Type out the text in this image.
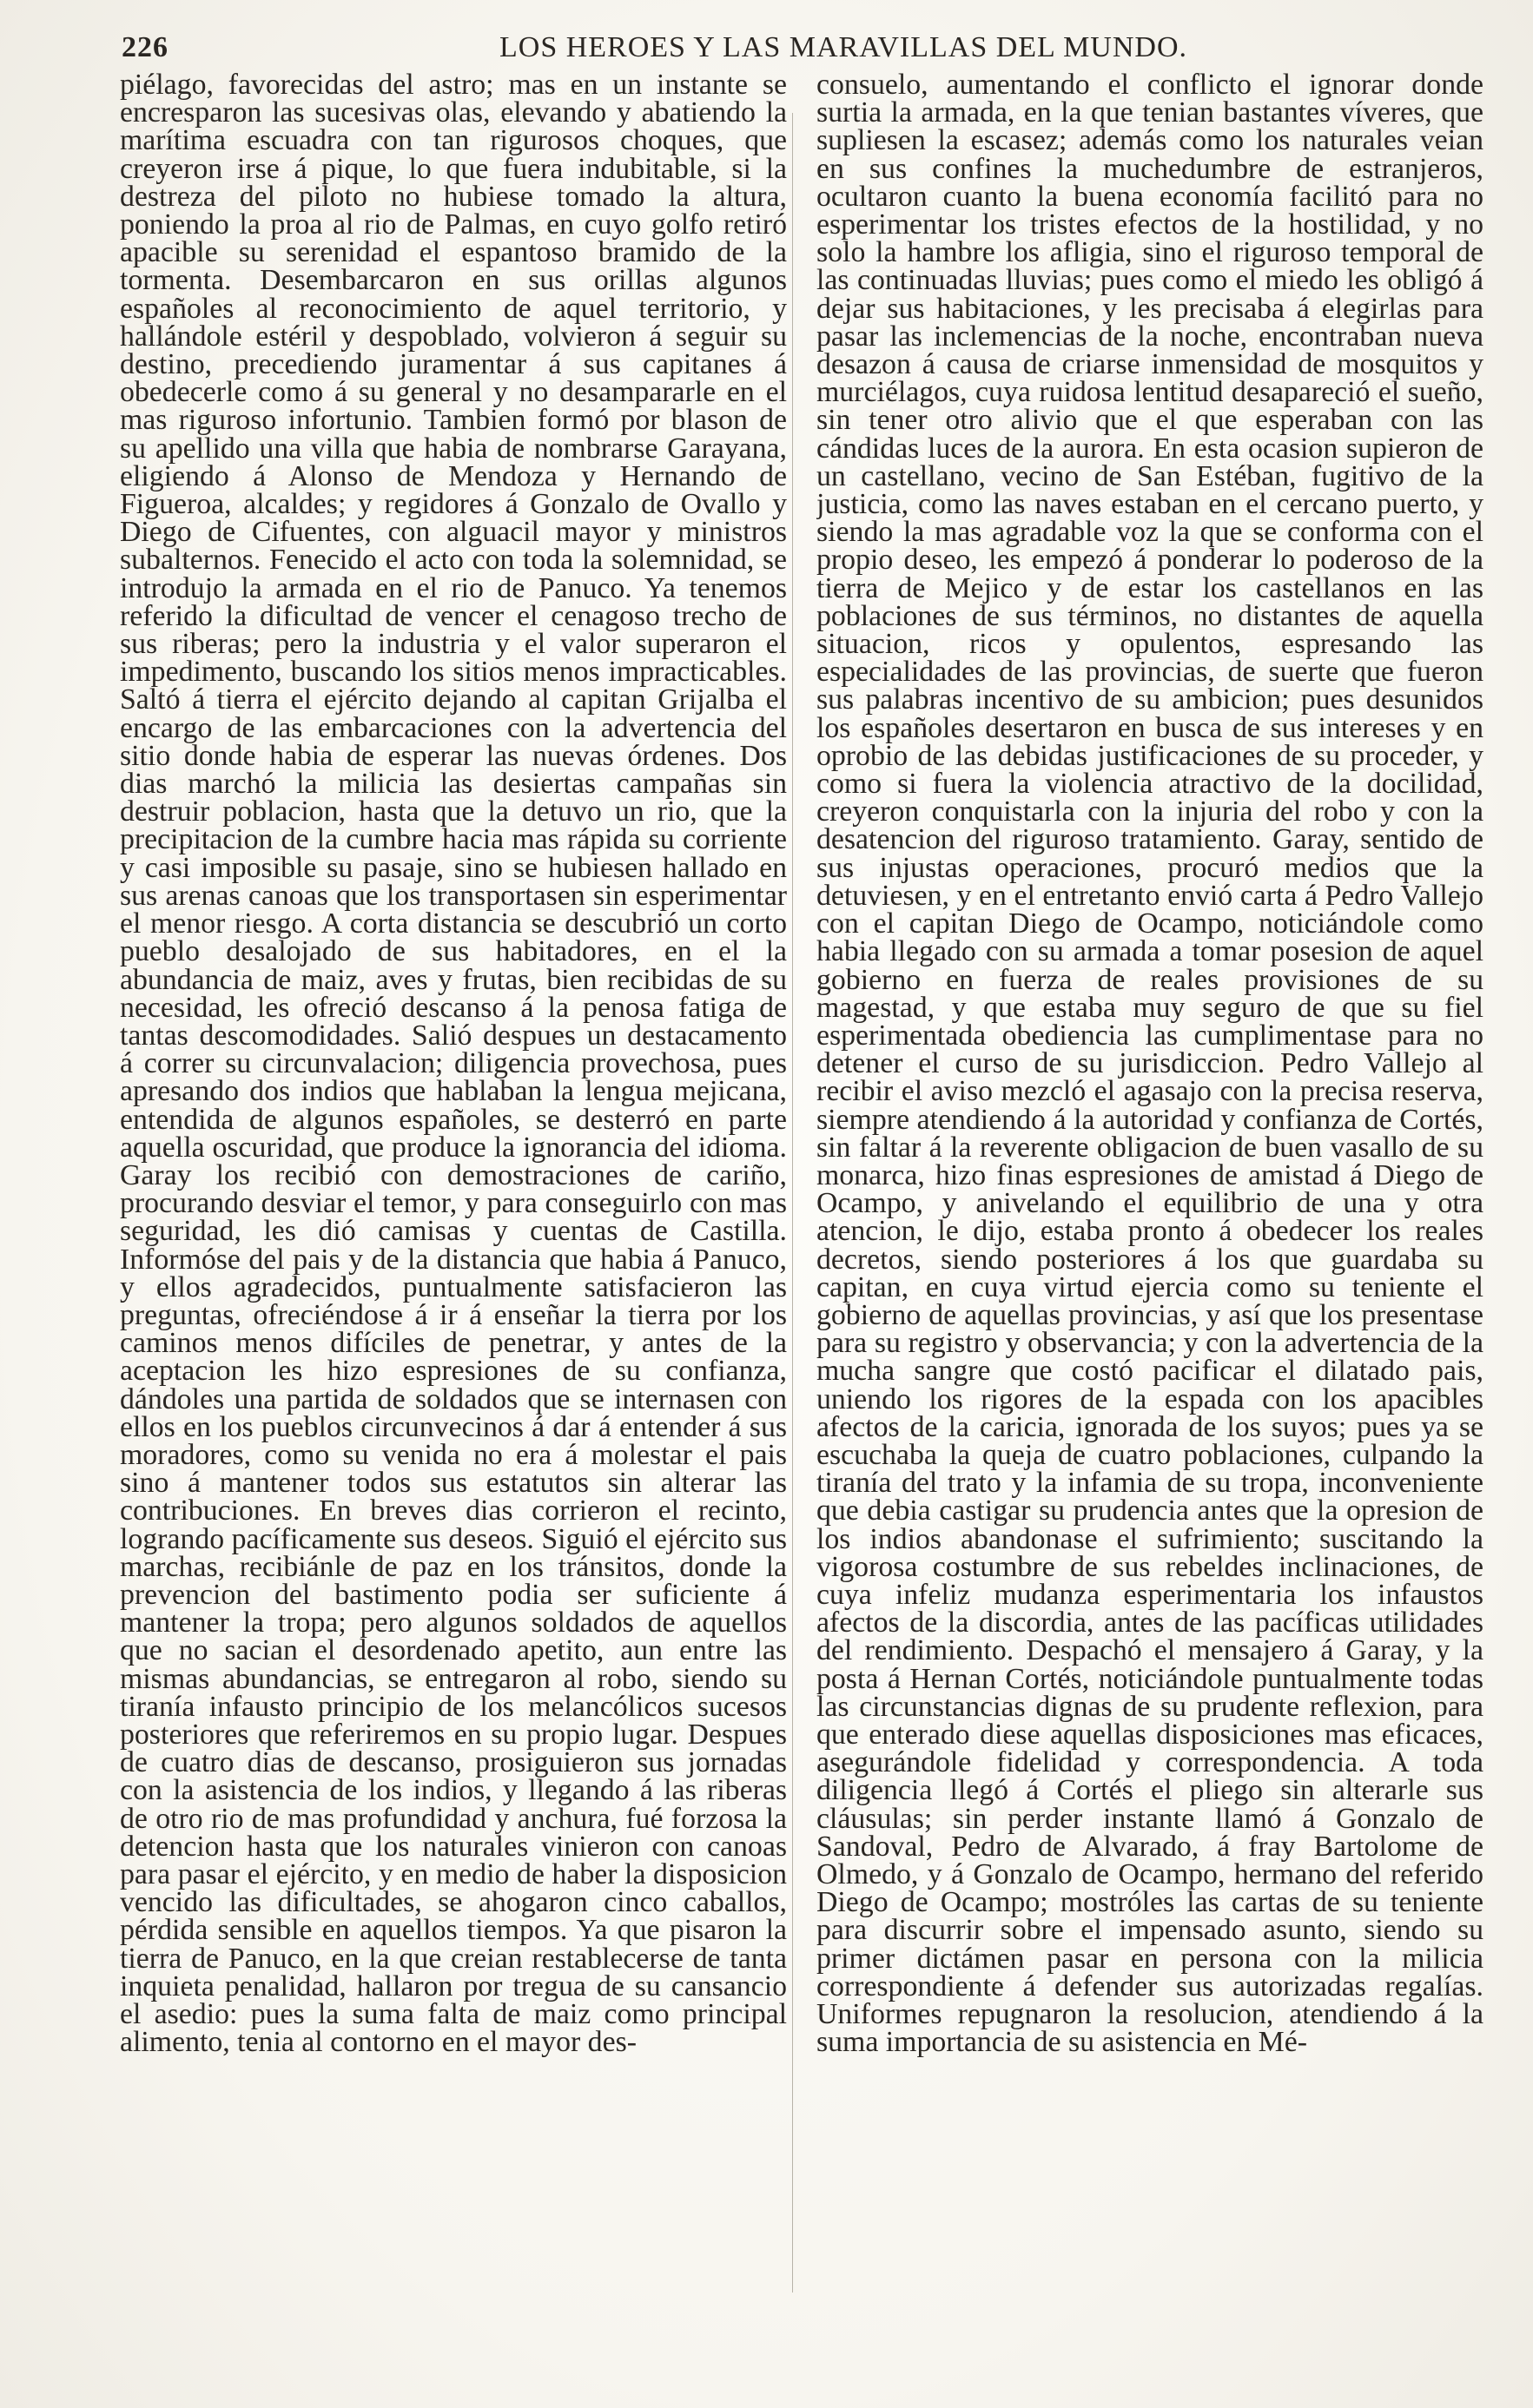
226	LOS HEROES Y LAS MARAVILLAS DEL MUNDO.

piélago, favorecidas del astro; mas en un instante se encresparon las sucesivas olas, elevando y abatiendo la marítima escuadra con tan rigurosos choques, que creyeron irse á pique, lo que fuera indubitable, si la destreza del piloto no hubiese tomado la altura, poniendo la proa al rio de Palmas, en cuyo golfo retiró apacible su serenidad el espantoso bramido de la tormenta. Desembarcaron en sus orillas algunos españoles al reconocimiento de aquel territorio, y hallándole estéril y despoblado, volvieron á seguir su destino, precediendo juramentar á sus capitanes á obedecerle como á su general y no desampararle en el mas riguroso infortunio. Tambien formó por blason de su apellido una villa que habia de nombrarse Garayana, eligiendo á Alonso de Mendoza y Hernando de Figueroa, alcaldes; y regidores á Gonzalo de Ovallo y Diego de Cifuentes, con alguacil mayor y ministros subalternos. Fenecido el acto con toda la solemnidad, se introdujo la armada en el rio de Panuco. Ya tenemos referido la dificultad de vencer el cenagoso trecho de sus riberas; pero la industria y el valor superaron el impedimento, buscando los sitios menos impracticables. Saltó á tierra el ejército dejando al capitan Grijalba el encargo de las embarcaciones con la advertencia del sitio donde habia de esperar las nuevas órdenes. Dos dias marchó la milicia las desiertas campañas sin destruir poblacion, hasta que la detuvo un rio, que la precipitacion de la cumbre hacia mas rápida su corriente y casi imposible su pasaje, sino se hubiesen hallado en sus arenas canoas que los transportasen sin esperimentar el menor riesgo. A corta distancia se descubrió un corto pueblo desalojado de sus habitadores, en el la abundancia de maiz, aves y frutas, bien recibidas de su necesidad, les ofreció descanso á la penosa fatiga de tantas descomodidades. Salió despues un destacamento á correr su circunvalacion; diligencia provechosa, pues apresando dos indios que hablaban la lengua mejicana, entendida de algunos españoles, se desterró en parte aquella oscuridad, que produce la ignorancia del idioma. Garay los recibió con demostraciones de cariño, procurando desviar el temor, y para conseguirlo con mas seguridad, les dió camisas y cuentas de Castilla. Informóse del pais y de la distancia que habia á Panuco, y ellos agradecidos, puntualmente satisfacieron las preguntas, ofreciéndose á ir á enseñar la tierra por los caminos menos difíciles de penetrar, y antes de la aceptacion les hizo espresiones de su confianza, dándoles una partida de soldados que se internasen con ellos en los pueblos circunvecinos á dar á entender á sus moradores, como su venida no era á molestar el pais sino á mantener todos sus estatutos sin alterar las contribuciones. En breves dias corrieron el recinto, logrando pacíficamente sus deseos. Siguió el ejército sus marchas, recibiánle de paz en los tránsitos, donde la prevencion del bastimento podia ser suficiente á mantener la tropa; pero algunos soldados de aquellos que no sacian el desordenado apetito, aun entre las mismas abundancias, se entregaron al robo, siendo su tiranía infausto principio de los melancólicos sucesos posteriores que referiremos en su propio lugar. Despues de cuatro dias de descanso, prosiguieron sus jornadas con la asistencia de los indios, y llegando á las riberas de otro rio de mas profundidad y anchura, fué forzosa la detencion hasta que los naturales vinieron con canoas para pasar el ejército, y en medio de haber la disposicion vencido las dificultades, se ahogaron cinco caballos, pérdida sensible en aquellos tiempos. Ya que pisaron la tierra de Panuco, en la que creian restablecerse de tanta inquieta penalidad, hallaron por tregua de su cansancio el asedio: pues la suma falta de maiz como principal alimento, tenia al contorno en el mayor des-

consuelo, aumentando el conflicto el ignorar donde surtia la armada, en la que tenian bastantes víveres, que supliesen la escasez; además como los naturales veian en sus confines la muchedumbre de estranjeros, ocultaron cuanto la buena economía facilitó para no esperimentar los tristes efectos de la hostilidad, y no solo la hambre los afligia, sino el riguroso temporal de las continuadas lluvias; pues como el miedo les obligó á dejar sus habitaciones, y les precisaba á elegirlas para pasar las inclemencias de la noche, encontraban nueva desazon á causa de criarse inmensidad de mosquitos y murciélagos, cuya ruidosa lentitud desapareció el sueño, sin tener otro alivio que el que esperaban con las cándidas luces de la aurora. En esta ocasion supieron de un castellano, vecino de San Estéban, fugitivo de la justicia, como las naves estaban en el cercano puerto, y siendo la mas agradable voz la que se conforma con el propio deseo, les empezó á ponderar lo poderoso de la tierra de Mejico y de estar los castellanos en las poblaciones de sus términos, no distantes de aquella situacion, ricos y opulentos, espresando las especialidades de las provincias, de suerte que fueron sus palabras incentivo de su ambicion; pues desunidos los españoles desertaron en busca de sus intereses y en oprobio de las debidas justificaciones de su proceder, y como si fuera la violencia atractivo de la docilidad, creyeron conquistarla con la injuria del robo y con la desatencion del riguroso tratamiento. Garay, sentido de sus injustas operaciones, procuró medios que la detuviesen, y en el entretanto envió carta á Pedro Vallejo con el capitan Diego de Ocampo, noticiándole como habia llegado con su armada a tomar posesion de aquel gobierno en fuerza de reales provisiones de su magestad, y que estaba muy seguro de que su fiel esperimentada obediencia las cumplimentase para no detener el curso de su jurisdiccion. Pedro Vallejo al recibir el aviso mezcló el agasajo con la precisa reserva, siempre atendiendo á la autoridad y confianza de Cortés, sin faltar á la reverente obligacion de buen vasallo de su monarca, hizo finas espresiones de amistad á Diego de Ocampo, y anivelando el equilibrio de una y otra atencion, le dijo, estaba pronto á obedecer los reales decretos, siendo posteriores á los que guardaba su capitan, en cuya virtud ejercia como su teniente el gobierno de aquellas provincias, y así que los presentase para su registro y observancia; y con la advertencia de la mucha sangre que costó pacificar el dilatado pais, uniendo los rigores de la espada con los apacibles afectos de la caricia, ignorada de los suyos; pues ya se escuchaba la queja de cuatro poblaciones, culpando la tiranía del trato y la infamia de su tropa, inconveniente que debia castigar su prudencia antes que la opresion de los indios abandonase el sufrimiento; suscitando la vigorosa costumbre de sus rebeldes inclinaciones, de cuya infeliz mudanza esperimentaria los infaustos afectos de la discordia, antes de las pacíficas utilidades del rendimiento. Despachó el mensajero á Garay, y la posta á Hernan Cortés, noticiándole puntualmente todas las circunstancias dignas de su prudente reflexion, para que enterado diese aquellas disposiciones mas eficaces, asegurándole fidelidad y correspondencia. A toda diligencia llegó á Cortés el pliego sin alterarle sus cláusulas; sin perder instante llamó á Gonzalo de Sandoval, Pedro de Alvarado, á fray Bartolome de Olmedo, y á Gonzalo de Ocampo, hermano del referido Diego de Ocampo; mostróles las cartas de su teniente para discurrir sobre el impensado asunto, siendo su primer dictámen pasar en persona con la milicia correspondiente á defender sus autorizadas regalías. Uniformes repugnaron la resolucion, atendiendo á la suma importancia de su asistencia en Mé-
